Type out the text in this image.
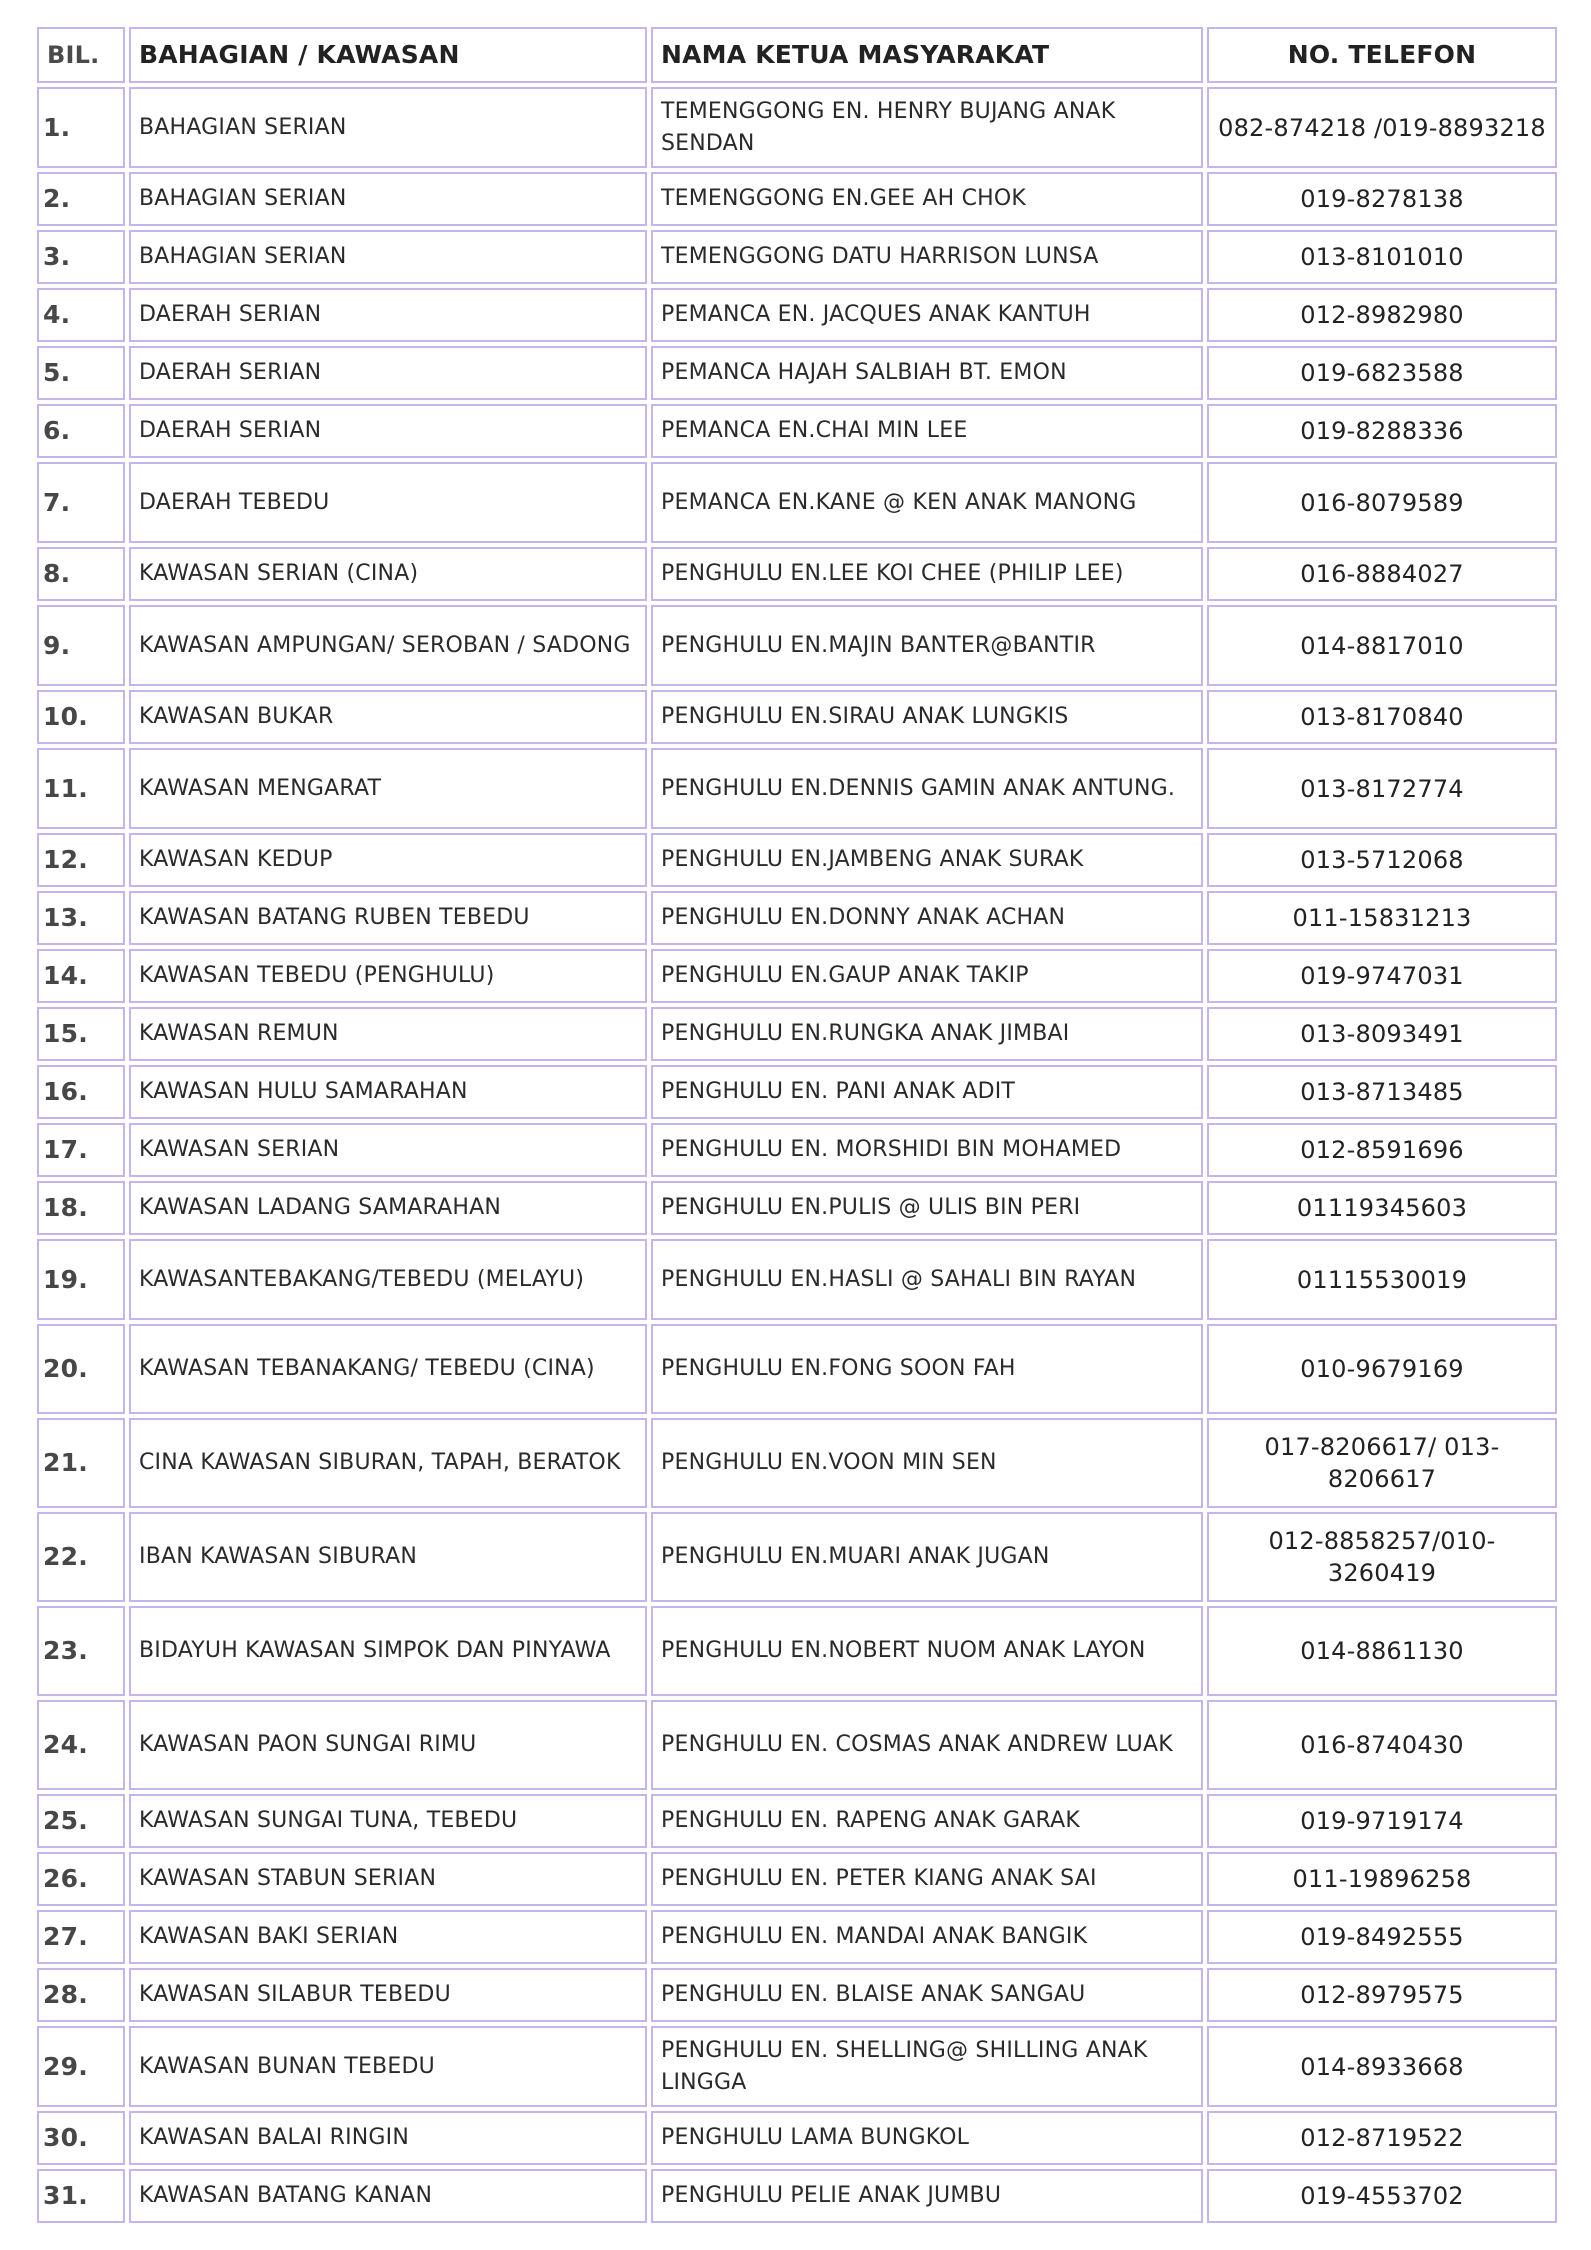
BIL.	BAHAGIAN / KAWASAN	NAMA KETUA MASYARAKAT	NO. TELEFON
1.	BAHAGIAN SERIAN	TEMENGGONG EN. HENRY BUJANG ANAK SENDAN	082-874218 /019-8893218
2.	BAHAGIAN SERIAN	TEMENGGONG EN.GEE AH CHOK	019-8278138
3.	BAHAGIAN SERIAN	TEMENGGONG DATU HARRISON LUNSA	013-8101010
4.	DAERAH SERIAN	PEMANCA EN. JACQUES ANAK KANTUH	012-8982980
5.	DAERAH SERIAN	PEMANCA HAJAH SALBIAH BT. EMON	019-6823588
6.	DAERAH SERIAN	PEMANCA EN.CHAI MIN LEE	019-8288336
7.	DAERAH TEBEDU	PEMANCA EN.KANE @ KEN ANAK MANONG	016-8079589
8.	KAWASAN SERIAN (CINA)	PENGHULU EN.LEE KOI CHEE (PHILIP LEE)	016-8884027
9.	KAWASAN AMPUNGAN/ SEROBAN / SADONG	PENGHULU EN.MAJIN BANTER@BANTIR	014-8817010
10.	KAWASAN BUKAR	PENGHULU EN.SIRAU ANAK LUNGKIS	013-8170840
11.	KAWASAN MENGARAT	PENGHULU EN.DENNIS GAMIN ANAK ANTUNG.	013-8172774
12.	KAWASAN KEDUP	PENGHULU EN.JAMBENG ANAK SURAK	013-5712068
13.	KAWASAN BATANG RUBEN TEBEDU	PENGHULU EN.DONNY ANAK ACHAN	011-15831213
14.	KAWASAN TEBEDU (PENGHULU)	PENGHULU EN.GAUP ANAK TAKIP	019-9747031
15.	KAWASAN REMUN	PENGHULU EN.RUNGKA ANAK JIMBAI	013-8093491
16.	KAWASAN HULU SAMARAHAN	PENGHULU EN. PANI ANAK ADIT	013-8713485
17.	KAWASAN SERIAN	PENGHULU EN. MORSHIDI BIN MOHAMED	012-8591696
18.	KAWASAN LADANG SAMARAHAN	PENGHULU EN.PULIS @ ULIS BIN PERI	01119345603
19.	KAWASANTEBAKANG/TEBEDU (MELAYU)	PENGHULU EN.HASLI @ SAHALI BIN RAYAN	01115530019
20.	KAWASAN TEBANAKANG/ TEBEDU (CINA)	PENGHULU EN.FONG SOON FAH	010-9679169
21.	CINA KAWASAN SIBURAN, TAPAH, BERATOK	PENGHULU EN.VOON MIN SEN	017-8206617/ 013-8206617
22.	IBAN KAWASAN SIBURAN	PENGHULU EN.MUARI ANAK JUGAN	012-8858257/010-3260419
23.	BIDAYUH KAWASAN SIMPOK DAN PINYAWA	PENGHULU EN.NOBERT NUOM ANAK LAYON	014-8861130
24.	KAWASAN PAON SUNGAI RIMU	PENGHULU EN. COSMAS ANAK ANDREW LUAK	016-8740430
25.	KAWASAN SUNGAI TUNA, TEBEDU	PENGHULU EN. RAPENG ANAK GARAK	019-9719174
26.	KAWASAN STABUN SERIAN	PENGHULU EN. PETER KIANG ANAK SAI	011-19896258
27.	KAWASAN BAKI SERIAN	PENGHULU EN. MANDAI ANAK BANGIK	019-8492555
28.	KAWASAN SILABUR TEBEDU	PENGHULU EN. BLAISE ANAK SANGAU	012-8979575
29.	KAWASAN BUNAN TEBEDU	PENGHULU EN. SHELLING@ SHILLING ANAK LINGGA	014-8933668
30.	KAWASAN BALAI RINGIN	PENGHULU LAMA BUNGKOL	012-8719522
31.	KAWASAN BATANG KANAN	PENGHULU PELIE ANAK JUMBU	019-4553702
